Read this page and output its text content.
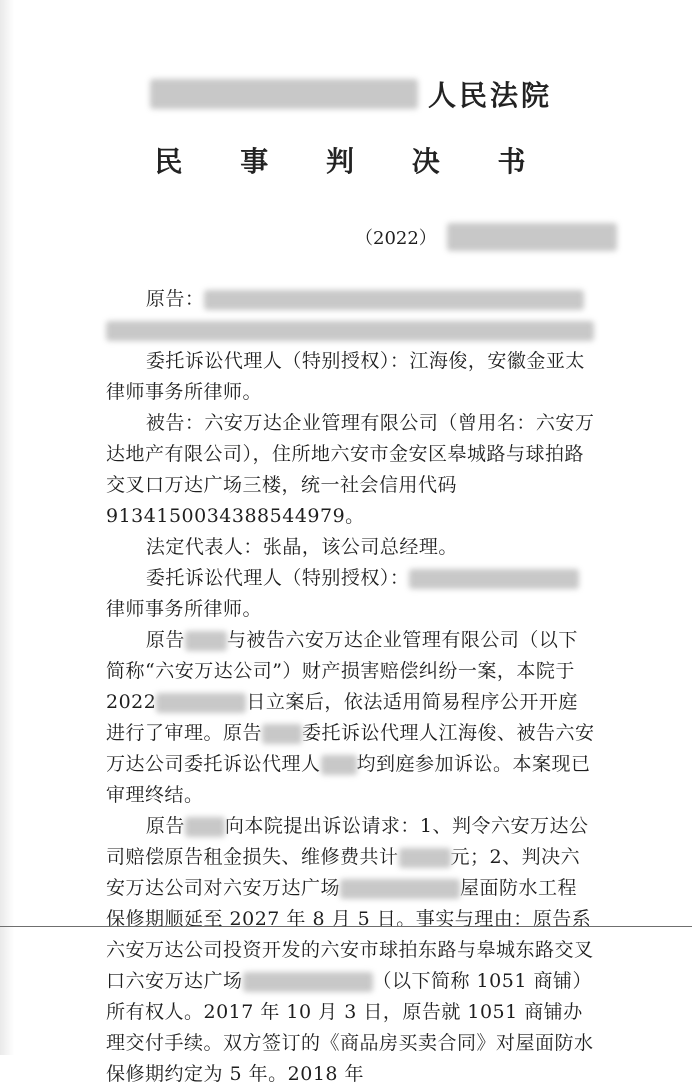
人民法院
民 事 判 决 书
（2022）

原告：

委托诉讼代理人（特别授权）：江海俊，安徽金亚太律师事务所律师。

被告：六安万达企业管理有限公司（曾用名：六安万达地产有限公司），住所地六安市金安区皋城路与球拍路交叉口万达广场三楼，统一社会信用代码91341500343885​44979。

法定代表人：张晶，该公司总经理。

委托诉讼代理人（特别授权）：律师事务所律师。

原告 与被告六安万达企业管理有限公司（以下简称“六安万达公司”）财产损害赔偿纠纷一案，本院于 2022	日立案后，依法适用简易程序公开开庭进行了审理。原告 委托诉讼代理人江海俊、被告六安万达公司委托诉讼代理人 均到庭参加诉讼。本案现已审理终结。

原告 向本院提出诉讼请求：1、判令六安万达公司赔偿原告租金损失、维修费共计	元；2、判决六安万达公司对六安万达广场	屋面防水工程保修期顺延至 2027 年 8 月 5 日。事实与理由：原告系六安万达公司投资开发的六安市球拍东路与皋城东路交叉口六安万达广场	（以下简称 1051 商铺）所有权人。2017 年 10 月 3 日，原告就 1051 商铺办理交付手续。双方签订的《商品房买卖合同》对屋面防水保修期约定为 5 年。2018 年
